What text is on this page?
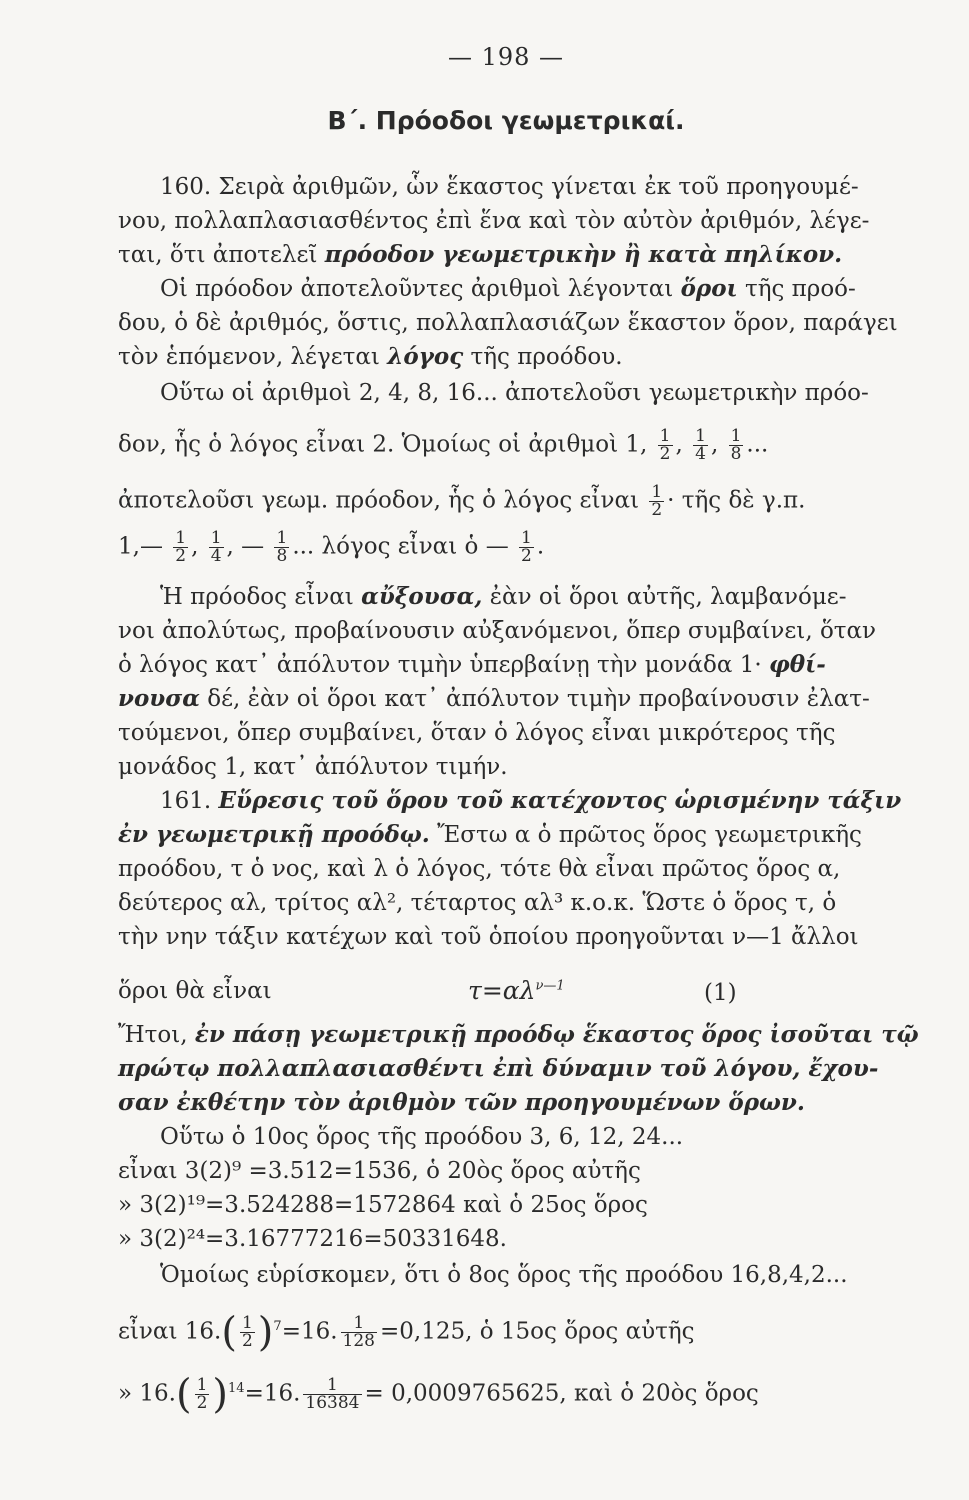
— 198 —
Β΄. Πρόοδοι γεωμετρικαί.
160. Σειρὰ ἀριθμῶν, ὧν ἕκαστος γίνεται ἐκ τοῦ προηγουμέ-
νου, πολλαπλασιασθέντος ἐπὶ ἕνα καὶ τὸν αὐτὸν ἀριθμόν, λέγε-
ται, ὅτι ἀποτελεῖ πρόοδον γεωμετρικὴν ἢ κατὰ πηλίκον.
Οἱ πρόοδον ἀποτελοῦντες ἀριθμοὶ λέγονται ὅροι τῆς προό-
δου, ὁ δὲ ἀριθμός, ὅστις, πολλαπλασιάζων ἕκαστον ὅρον, παράγει
τὸν ἑπόμενον, λέγεται λόγος τῆς προόδου.
Οὕτω οἱ ἀριθμοὶ 2, 4, 8, 16... ἀποτελοῦσι γεωμετρικὴν πρόο-
δον, ἧς ὁ λόγος εἶναι 2. Ὁμοίως οἱ ἀριθμοὶ 1, $\frac{1}{2}$ , $\frac{1}{4}$ , $\frac{1}{8}$ ...
ἀποτελοῦσι γεωμ. πρόοδον, ἧς ὁ λόγος εἶναι $\frac{1}{2}$ · τῆς δὲ γ.π.
1,— $\frac{1}{2}$ , $\frac{1}{4}$ , — $\frac{1}{8}$ ... λόγος εἶναι ὁ — $\frac{1}{2}$ .
Ἡ πρόοδος εἶναι αὔξουσα, ἐὰν οἱ ὅροι αὐτῆς, λαμβανόμε-
νοι ἀπολύτως, προβαίνουσιν αὐξανόμενοι, ὅπερ συμβαίνει, ὅταν
ὁ λόγος κατ᾽ ἀπόλυτον τιμὴν ὑπερβαίνῃ τὴν μονάδα 1· φθί-
νουσα δέ, ἐὰν οἱ ὅροι κατ᾽ ἀπόλυτον τιμὴν προβαίνουσιν ἐλατ-
τούμενοι, ὅπερ συμβαίνει, ὅταν ὁ λόγος εἶναι μικρότερος τῆς
μονάδος 1, κατ᾽ ἀπόλυτον τιμήν.
161. Εὕρεσις τοῦ ὅρου τοῦ κατέχοντος ὡρισμένην τάξιν
ἐν γεωμετρικῇ προόδῳ. Ἔστω α ὁ πρῶτος ὅρος γεωμετρικῆς
προόδου, τ ὁ νος, καὶ λ ὁ λόγος, τότε θὰ εἶναι πρῶτος ὅρος α,
δεύτερος αλ, τρίτος αλ², τέταρτος αλ³ κ.ο.κ. Ὥστε ὁ ὅρος τ, ὁ
τὴν νην τάξιν κατέχων καὶ τοῦ ὁποίου προηγοῦνται ν—1 ἄλλοι
ὅροι θὰ εἶναι	$\tau=\alpha\lambda^{\nu—1}$	(1)
Ἤτοι, ἐν πάσῃ γεωμετρικῇ προόδῳ ἕκαστος ὅρος ἰσοῦται τῷ
πρώτῳ πολλαπλασιασθέντι ἐπὶ δύναμιν τοῦ λόγου, ἔχου-
σαν ἐκθέτην τὸν ἀριθμὸν τῶν προηγουμένων ὅρων.
Οὕτω ὁ 10ος ὅρος τῆς προόδου 3, 6, 12, 24...
εἶναι 3(2)⁹ =3.512=1536, ὁ 20ὸς ὅρος αὐτῆς
» 3(2)¹⁹=3.524288=1572864 καὶ ὁ 25ος ὅρος
» 3(2)²⁴=3.16777216=50331648.
Ὁμοίως εὑρίσκομεν, ὅτι ὁ 8ος ὅρος τῆς προόδου 16,8,4,2...
εἶναι $16.( \frac{1}{2} )^7=16$. $\frac{1}{128} =0,125$, ὁ 15ος ὅρος αὐτῆς
» $16.( \frac{1}{2} )^{14}=16$. $\frac{1}{16384} = 0,0009765625$, καὶ ὁ 20ὸς ὅρος
